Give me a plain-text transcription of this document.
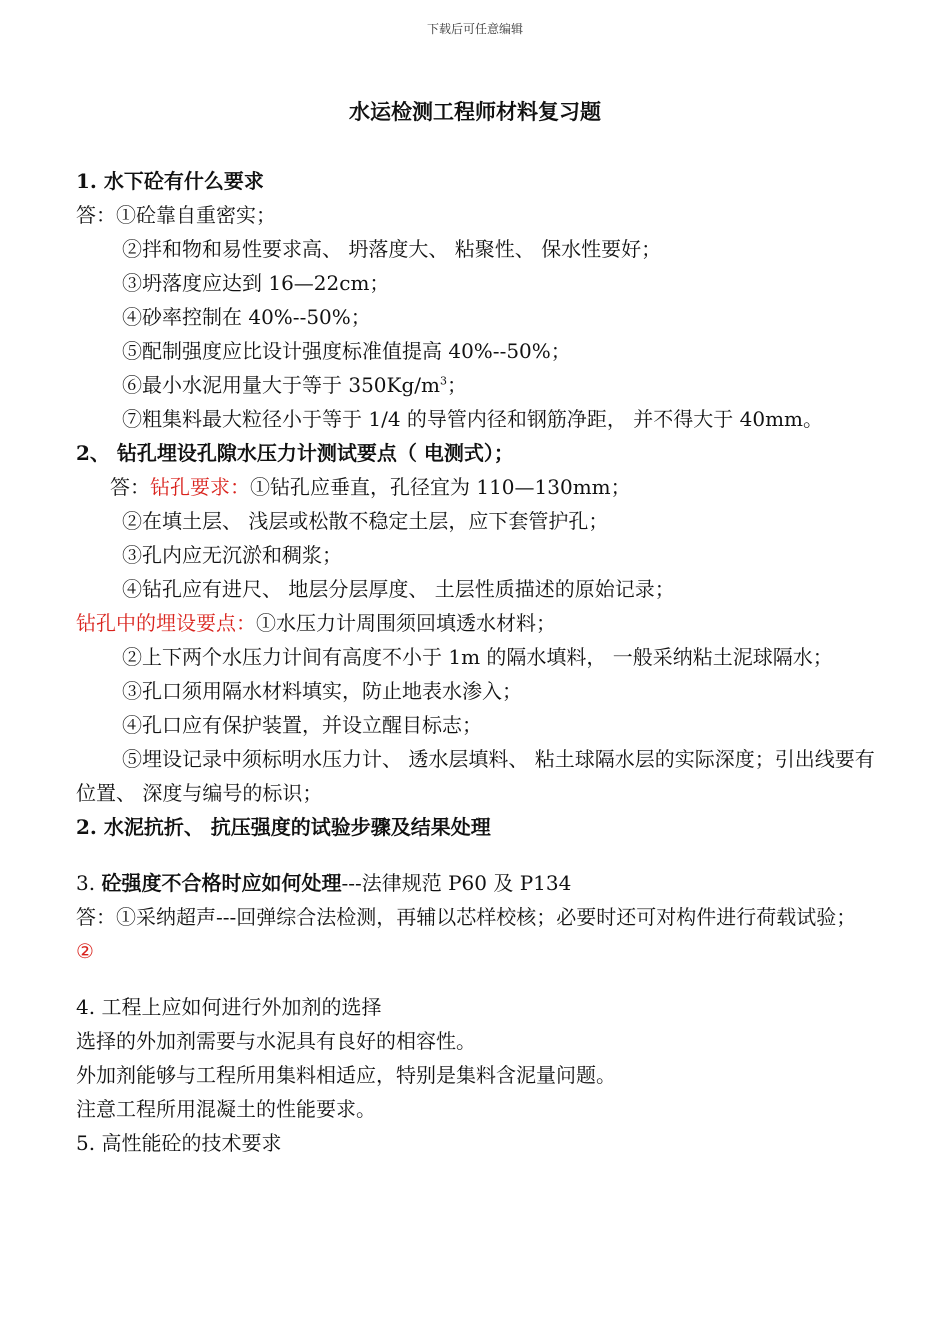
下载后可任意编辑
水运检测工程师材料复习题
1. 水下砼有什么要求
答：①砼靠自重密实；
②拌和物和易性要求高、 坍落度大、 粘聚性、 保水性要好；
③坍落度应达到 16—22cm；
④砂率控制在 40%--50%；
⑤配制强度应比设计强度标准值提高 40%--50%；
⑥最小水泥用量大于等于 $350Kg/m^3$；
⑦粗集料最大粒径小于等于 1/4 的导管内径和钢筋净距， 并不得大于 40mm。
2、 钻孔埋设孔隙水压力计测试要点（ 电测式）；
答：钻孔要求：①钻孔应垂直，孔径宜为 110—130mm；
②在填土层、 浅层或松散不稳定土层，应下套管护孔；
③孔内应无沉淤和稠浆；
④钻孔应有进尺、 地层分层厚度、 土层性质描述的原始记录；
钻孔中的埋设要点：①水压力计周围须回填透水材料；
②上下两个水压力计间有高度不小于 1m 的隔水填料， 一般采纳粘土泥球隔水；
③孔口须用隔水材料填实，防止地表水渗入；
④孔口应有保护装置，并设立醒目标志；
⑤埋设记录中须标明水压力计、 透水层填料、 粘土球隔水层的实际深度；引出线要有位置、 深度与编号的标识；
2. 水泥抗折、 抗压强度的试验步骤及结果处理
3. 砼强度不合格时应如何处理---法律规范 P60 及 P134
答：①采纳超声---回弹综合法检测，再辅以芯样校核；必要时还可对构件进行荷载试验；
②
4. 工程上应如何进行外加剂的选择
选择的外加剂需要与水泥具有良好的相容性。
外加剂能够与工程所用集料相适应，特别是集料含泥量问题。
注意工程所用混凝土的性能要求。
5. 高性能砼的技术要求
